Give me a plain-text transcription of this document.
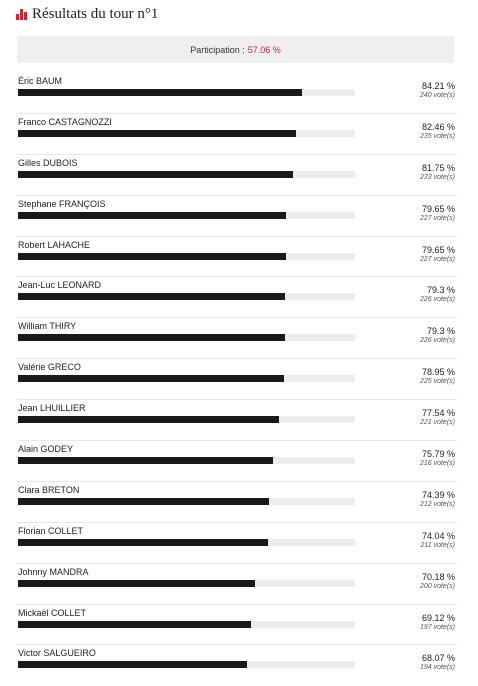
Résultats du tour n°1
Participation : 57.06 %
Éric BAUM	84.21 %
240 vote(s)
Franco CASTAGNOZZI	82.46 %
235 vote(s)
Gilles DUBOIS	81.75 %
233 vote(s)
Stephane FRANÇOIS	79.65 %
227 vote(s)
Robert LAHACHE	79.65 %
227 vote(s)
Jean-Luc LEONARD	79.3 %
226 vote(s)
William THIRY	79.3 %
226 vote(s)
Valérie GRECO	78.95 %
225 vote(s)
Jean LHUILLIER	77.54 %
221 vote(s)
Alain GODEY	75.79 %
216 vote(s)
Clara BRETON	74.39 %
212 vote(s)
Florian COLLET	74.04 %
211 vote(s)
Johnny MANDRA	70.18 %
200 vote(s)
Mickaël COLLET	69.12 %
197 vote(s)
Victor SALGUEIRO	68.07 %
194 vote(s)
